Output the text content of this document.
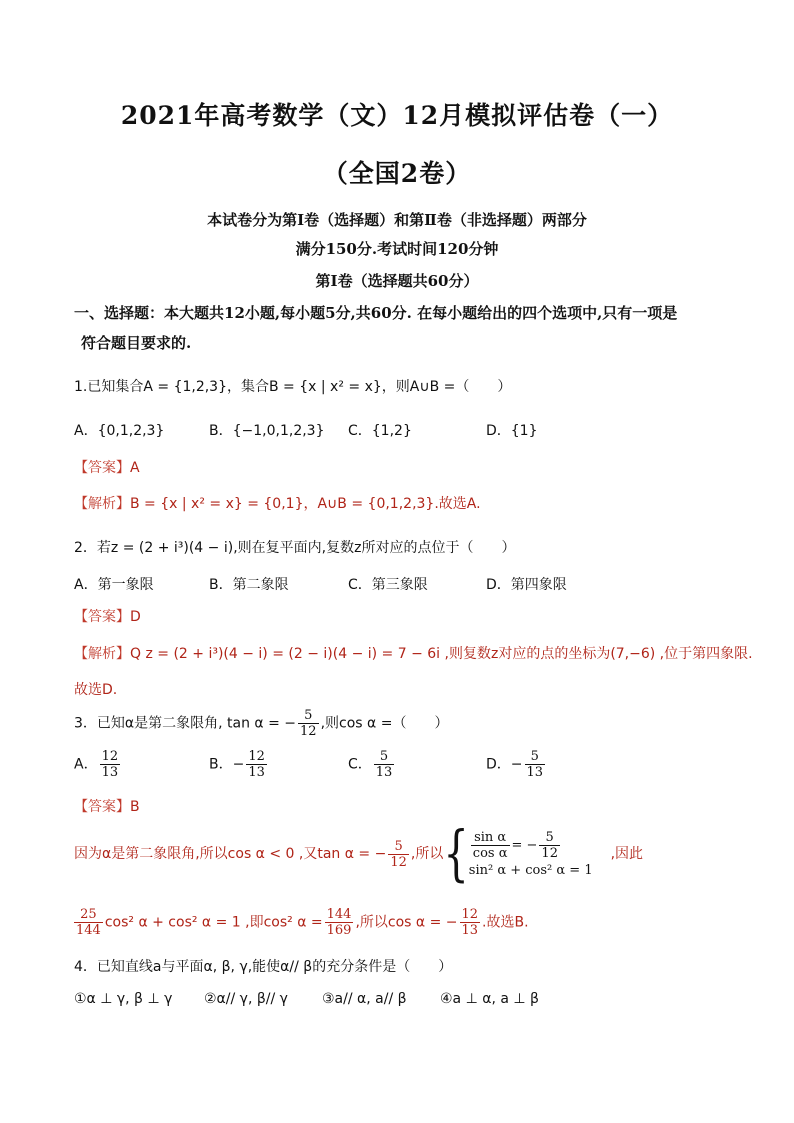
2021年高考数学（文）12月模拟评估卷（一）
（全国2卷）
本试卷分为第Ⅰ卷（选择题）和第Ⅱ卷（非选择题）两部分
满分150分.考试时间120分钟
第Ⅰ卷（选择题共60分）
一、选择题：本大题共12小题,每小题5分,共60分. 在每小题给出的四个选项中,只有一项是
符合题目要求的.
1.已知集合A = {1,2,3}，集合B = {x | x² = x}，则A∪B =（　　）
A．{0,1,2,3}	B．{−1,0,1,2,3} C．{1,2}	D．{1}
【答案】A
【解析】B = {x | x² = x} = {0,1}，A∪B = {0,1,2,3}.故选A.
2．若z = (2 + i³)(4 − i),则在复平面内,复数z所对应的点位于（　　）
A．第一象限	B．第二象限	C．第三象限	D．第四象限
【答案】D
【解析】Q z = (2 + i³)(4 − i) = (2 − i)(4 − i) = 7 − 6i ,则复数z对应的点的坐标为(7,−6) ,位于第四象限.
故选D.
3．已知α是第二象限角, tan α = − $\frac{5}{12}$ ,则cos α =（　　）
A． $\frac{12}{13}$	B．− $\frac{12}{13}$	C． $\frac{5}{13}$	D．− $\frac{5}{13}$
【答案】B
因为α是第二象限角,所以cos α < 0 ,又tan α = − $\frac{5}{12}$ ,所以{ $\frac{\text{sin α}}{\text{cos α}}$ = − $\frac{5}{12}$
sin² α + cos² α = 1
,因此
$\frac{25}{144} \cos^2$ α + cos² α = 1 ,即cos² $\alpha = \frac{144}{169}$ ,所以cos α = − $\frac{12}{13}$ .故选B.
4．已知直线a与平面α, β, γ,能使α// β的充分条件是（　　）
①α ⊥ γ, β ⊥ γ ②α// γ, β// γ ③a// α, a// β ④a ⊥ α, a ⊥ β
